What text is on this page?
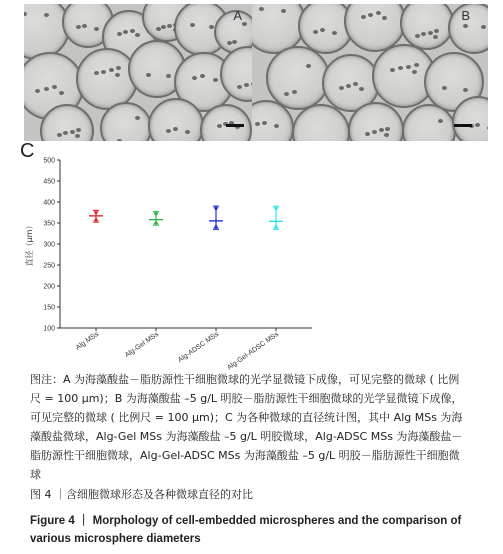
A	B
C
100
150
200
250
300
350
400
450
500
直径（μm）
Alg MSs	Alg-Gel MSs Alg-ADSC MSs Alg-Gel-ADSC MSs
图注：A 为海藻酸盐－脂肪源性干细胞微球的光学显微镜下成像，可见完整的微球 ( 比例尺 = 100 μm)；B 为海藻酸盐 –5 g/L 明胶－脂肪源性干细胞微球的光学显微镜下成像，可见完整的微球 ( 比例尺 = 100 μm)；C 为各种微球的直径统计图，其中 Alg MSs 为海藻酸盐微球，Alg-Gel MSs 为海藻酸盐 –5 g/L 明胶微球，Alg-ADSC MSs 为海藻酸盐－脂肪源性干细胞微球，Alg-Gel-ADSC MSs 为海藻酸盐 –5 g/L 明胶－脂肪源性干细胞微球
图 4 ｜含细胞微球形态及各种微球直径的对比
Figure 4 ｜ Morphology of cell-embedded microspheres and the comparison of various microsphere diameters
